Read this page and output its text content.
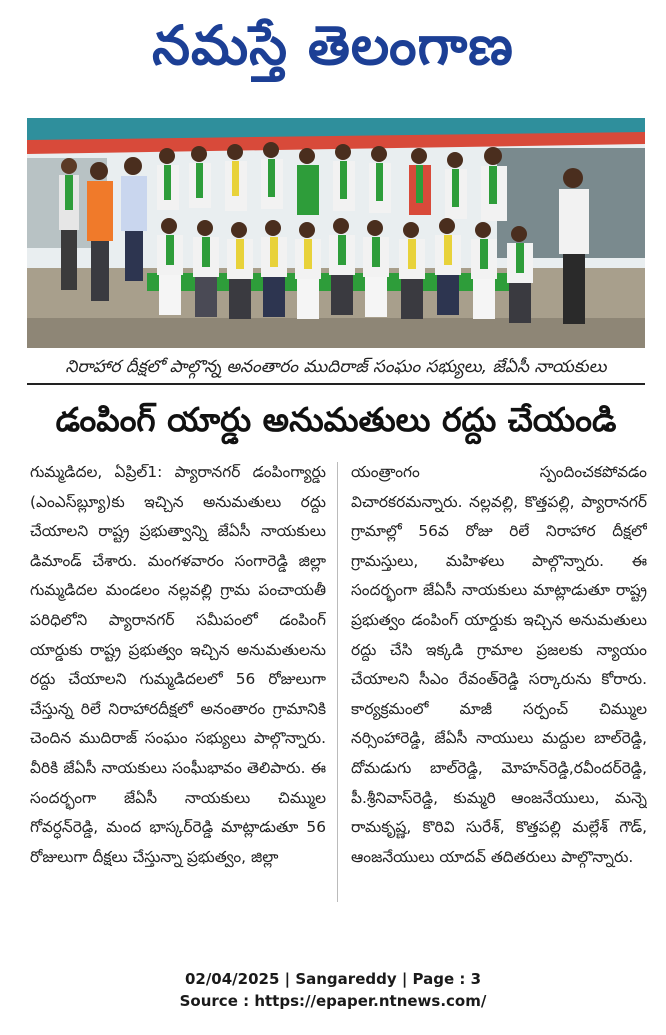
నమస్తే తెలంగాణ
నిరాహార దీక్షలో పాల్గొన్న అనంతారం ముదిరాజ్ సంఘం సభ్యులు, జేఏసీ నాయకులు
డంపింగ్ యార్డు అనుమతులు రద్దు చేయండి

గుమ్మడిదల, ఏప్రిల్1: ప్యారానగర్ డంపింగ్యార్డు (ఎంఎస్‌బ్ల్యూ)కు ఇచ్చిన అనుమతులు రద్దు చేయాలని రాష్ట్ర ప్రభుత్వాన్ని జేఏసీ నాయకులు డిమాండ్ చేశారు. మంగళవారం సంగారెడ్డి జిల్లా గుమ్మడిదల మండలం నల్లవల్లి గ్రామ పంచాయతీ పరిధిలోని ప్యారానగర్ సమీపంలో డంపింగ్ యార్డుకు రాష్ట్ర ప్రభుత్వం ఇచ్చిన అనుమతులను రద్దు చేయాలని గుమ్మడిదలలో 56 రోజులుగా చేస్తున్న రిలే నిరాహారదీక్షలో అనంతారం గ్రామానికి చెందిన ముదిరాజ్ సంఘం సభ్యులు పాల్గొన్నారు. వీరికి జేఏసీ నాయకులు సంఘీభావం తెలిపారు. ఈ సందర్భంగా జేఏసీ నాయకులు చిమ్ముల గోవర్ధన్‌రెడ్డి, మంద భాస్కర్‌రెడ్డి మాట్లాడుతూ 56 రోజులుగా దీక్షలు చేస్తున్నా ప్రభుత్వం, జిల్లా

యంత్రాంగం స్పందించకపోవడం విచారకరమన్నారు. నల్లవల్లి, కొత్తపల్లి, ప్యారానగర్ గ్రామాల్లో 56వ రోజు రిలే నిరాహార దీక్షలో గ్రామస్తులు, మహిళలు పాల్గొన్నారు. ఈ సందర్భంగా జేఏసీ నాయకులు మాట్లాడుతూ రాష్ట్ర ప్రభుత్వం డంపింగ్ యార్డుకు ఇచ్చిన అనుమతులు రద్దు చేసి ఇక్కడి గ్రామాల ప్రజలకు న్యాయం చేయాలని సీఎం రేవంత్‌రెడ్డి సర్కారును కోరారు. కార్యక్రమంలో మాజీ సర్పంచ్ చిమ్ముల నర్సింహారెడ్డి, జేఏసీ నాయులు మద్దుల బాల్‌రెడ్డి, దోమడుగు బాల్‌రెడ్డి, మోహన్‌రెడ్డి,రవీందర్‌రెడ్డి, పీ.శ్రీనివాస్‌రెడ్డి, కుమ్మరి ఆంజనేయులు, మన్నె రామకృష్ణ, కొరివి సురేశ్, కొత్తపల్లి మల్లేశ్ గౌడ్, ఆంజనేయులు యాదవ్ తదితరులు పాల్గొన్నారు.

02/04/2025 | Sangareddy | Page : 3
Source : https://epaper.ntnews.com/
